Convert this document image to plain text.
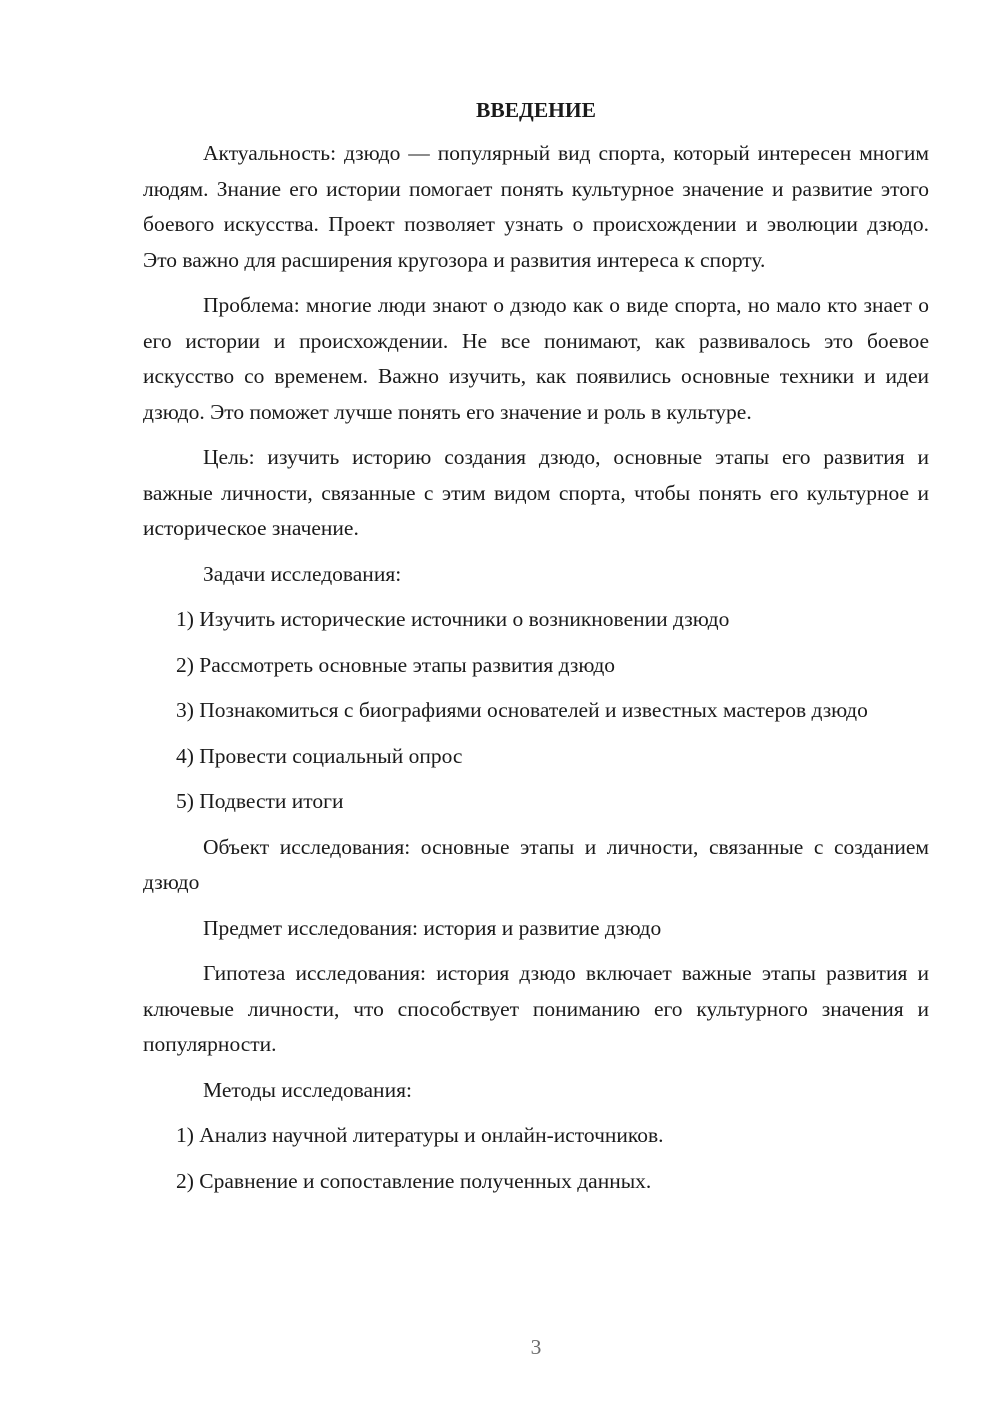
ВВЕДЕНИЕ
Актуальность: дзюдо — популярный вид спорта, который интересен многим людям. Знание его истории помогает понять культурное значение и развитие этого боевого искусства. Проект позволяет узнать о происхождении и эволюции дзюдо. Это важно для расширения кругозора и развития интереса к спорту.
Проблема: многие люди знают о дзюдо как о виде спорта, но мало кто знает о его истории и происхождении. Не все понимают, как развивалось это боевое искусство со временем. Важно изучить, как появились основные техники и идеи дзюдо. Это поможет лучше понять его значение и роль в культуре.
Цель: изучить историю создания дзюдо, основные этапы его развития и важные личности, связанные с этим видом спорта, чтобы понять его культурное и историческое значение.
Задачи исследования:
1) Изучить исторические источники о возникновении дзюдо
2) Рассмотреть основные этапы развития дзюдо
3) Познакомиться с биографиями основателей и известных мастеров дзюдо
4) Провести социальный опрос
5) Подвести итоги
Объект исследования: основные этапы и личности, связанные с созданием дзюдо
Предмет исследования: история и развитие дзюдо
Гипотеза исследования: история дзюдо включает важные этапы развития и ключевые личности, что способствует пониманию его культурного значения и популярности.
Методы исследования:
1) Анализ научной литературы и онлайн-источников.
2) Сравнение и сопоставление полученных данных.
3
